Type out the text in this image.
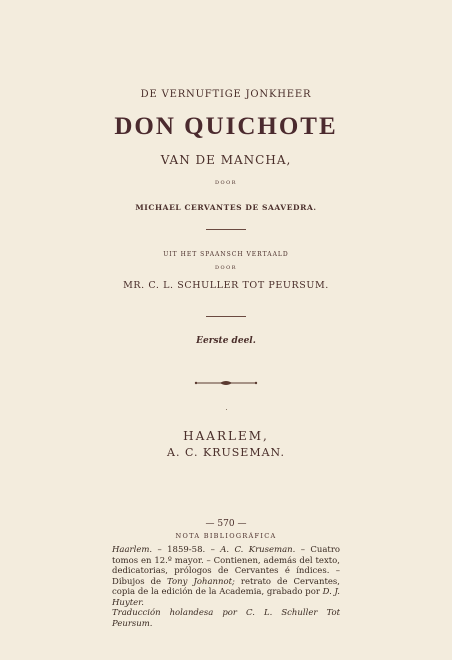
DE VERNUFTIGE JONKHEER
DON QUICHOTE
VAN DE MANCHA,
DOOR
MICHAEL CERVANTES DE SAAVEDRA.
UIT HET SPAANSCH VERTAALD
DOOR
MR. C. L. SCHULLER TOT PEURSUM.
Eerste deel.
HAARLEM,
A. C. KRUSEMAN.
— 570 —
NOTA BIBLIOGRÁFICA
Haarlem. – 1859-58. – A. C. Kruseman. – Cuatro tomos en 12.º mayor. – Contienen, además del texto, dedicatorias, prólogos de Cervantes é índices. – Dibujos de Tony Johannot; retrato de Cervantes, copia de la edición de la Academia, grabado por D. J. Huyter.
Traducción holandesa por C. L. Schuller Tot Peursum.
